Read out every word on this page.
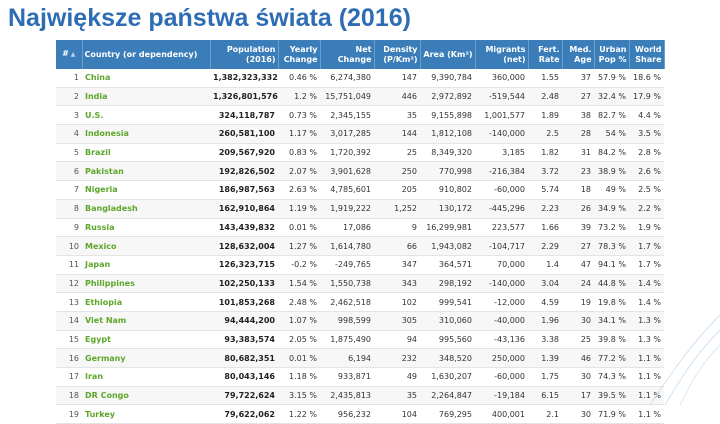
Największe państwa świata (2016)
# ▲	Country (or dependency)	Population (2016)	Yearly Change	Net Change	Density (P/Km²)	Area (Km²)	Migrants (net)	Fert. Rate	Med. Age	Urban Pop %	World Share
1	China	1,382,323,332	0.46 %	6,274,380	147	9,390,784	360,000	1.55	37	57.9 %	18.6 %
2	India	1,326,801,576	1.2 %	15,751,049	446	2,972,892	-519,544	2.48	27	32.4 %	17.9 %
3	U.S.	324,118,787	0.73 %	2,345,155	35	9,155,898	1,001,577	1.89	38	82.7 %	4.4 %
4	Indonesia	260,581,100	1.17 %	3,017,285	144	1,812,108	-140,000	2.5	28	54 %	3.5 %
5	Brazil	209,567,920	0.83 %	1,720,392	25	8,349,320	3,185	1.82	31	84.2 %	2.8 %
6	Pakistan	192,826,502	2.07 %	3,901,628	250	770,998	-216,384	3.72	23	38.9 %	2.6 %
7	Nigeria	186,987,563	2.63 %	4,785,601	205	910,802	-60,000	5.74	18	49 %	2.5 %
8	Bangladesh	162,910,864	1.19 %	1,919,222	1,252	130,172	-445,296	2.23	26	34.9 %	2.2 %
9	Russia	143,439,832	0.01 %	17,086	9	16,299,981	223,577	1.66	39	73.2 %	1.9 %
10	Mexico	128,632,004	1.27 %	1,614,780	66	1,943,082	-104,717	2.29	27	78.3 %	1.7 %
11	Japan	126,323,715	-0.2 %	-249,765	347	364,571	70,000	1.4	47	94.1 %	1.7 %
12	Philippines	102,250,133	1.54 %	1,550,738	343	298,192	-140,000	3.04	24	44.8 %	1.4 %
13	Ethiopia	101,853,268	2.48 %	2,462,518	102	999,541	-12,000	4.59	19	19.8 %	1.4 %
14	Viet Nam	94,444,200	1.07 %	998,599	305	310,060	-40,000	1.96	30	34.1 %	1.3 %
15	Egypt	93,383,574	2.05 %	1,875,490	94	995,560	-43,136	3.38	25	39.8 %	1.3 %
16	Germany	80,682,351	0.01 %	6,194	232	348,520	250,000	1.39	46	77.2 %	1.1 %
17	Iran	80,043,146	1.18 %	933,871	49	1,630,207	-60,000	1.75	30	74.3 %	1.1 %
18	DR Congo	79,722,624	3.15 %	2,435,813	35	2,264,847	-19,184	6.15	17	39.5 %	1.1 %
19	Turkey	79,622,062	1.22 %	956,232	104	769,295	400,001	2.1	30	71.9 %	1.1 %
